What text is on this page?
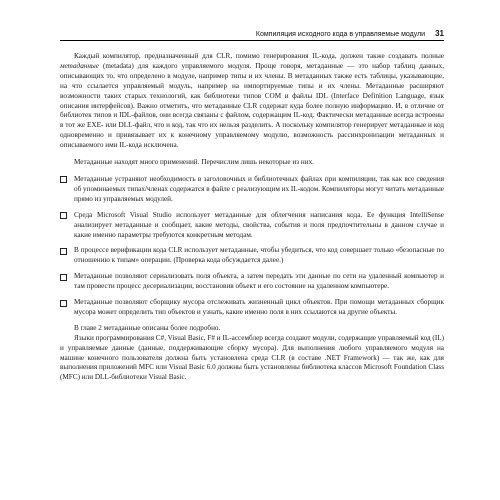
Компиляция исходного кода в управляемые модули 31

Каждый компилятор, предназначенный для CLR, помимо генерирования IL-кода, должен также создавать полные метаданные (metadata) для каждого управляемого модуля. Проще говоря, метаданные — это набор таблиц данных, описывающих то, что определено в модуле, например типы и их члены. В метаданных также есть таблицы, указывающие, на что ссылается управляемый модуль, например на импортируемые типы и их члены. Метаданные расширяют возможности таких старых технологий, как библиотеки типов COM и файлы IDL (Interface Definition Language, язык описания интерфейсов). Важно отметить, что метаданные CLR содержат куда более полную информацию. И, в отличие от библиотек типов и IDL-файлов, они всегда связаны с файлом, содержащим IL-код. Фактически метаданные всегда встроены в тот же EXE- или DLL-файл, что и код, так что их нельзя разделить. А поскольку компилятор генерирует метаданные и код одновременно и привязывает их к конечному управляемому модулю, возможность рассинхронизации метаданных и описываемого ими IL-кода исключена.

Метаданные находят много применений. Перечислим лишь некоторые из них.

Метаданные устраняют необходимость в заголовочных и библиотечных файлах при компиляции, так как все сведения об упоминаемых типах/членах содержатся в файле с реализующим их IL-кодом. Компиляторы могут читать метаданные прямо из управляемых модулей.
Среда Microsoft Visual Studio использует метаданные для облегчения написания кода. Ее функция IntelliSense анализирует метаданные и сообщает, какие методы, свойства, события и поля предпочтительны в данном случае и какие именно параметры требуются конкретным методам.
В процессе верификации кода CLR использует метаданные, чтобы убедиться, что код совершает только «безопасные по отношению к типам» операции. (Проверка кода обсуждается далее.)
Метаданные позволяют сериализовать поля объекта, а затем передать эти данные по сети на удаленный компьютер и там провести процесс десериализации, восстановив объект и его состояние на удаленном компьютере.
Метаданные позволяют сборщику мусора отслеживать жизненный цикл объектов. При помощи метаданных сборщик мусора может определить тип объектов и узнать, какие именно поля в них ссылаются на другие объекты.

В главе 2 метаданные описаны более подробно.

Языки программирования C#, Visual Basic, F# и IL-ассемблер всегда создают модули, содержащие управляемый код (IL) и управляемые данные (данные, поддерживающие сборку мусора). Для выполнения любого управляемого модуля на машине конечного пользователя должна быть установлена среда CLR (в составе .NET Framework) — так же, как для выполнения приложений MFC или Visual Basic 6.0 должны быть установлены библиотека классов Microsoft Foundation Class (MFC) или DLL-библиотеки Visual Basic.
